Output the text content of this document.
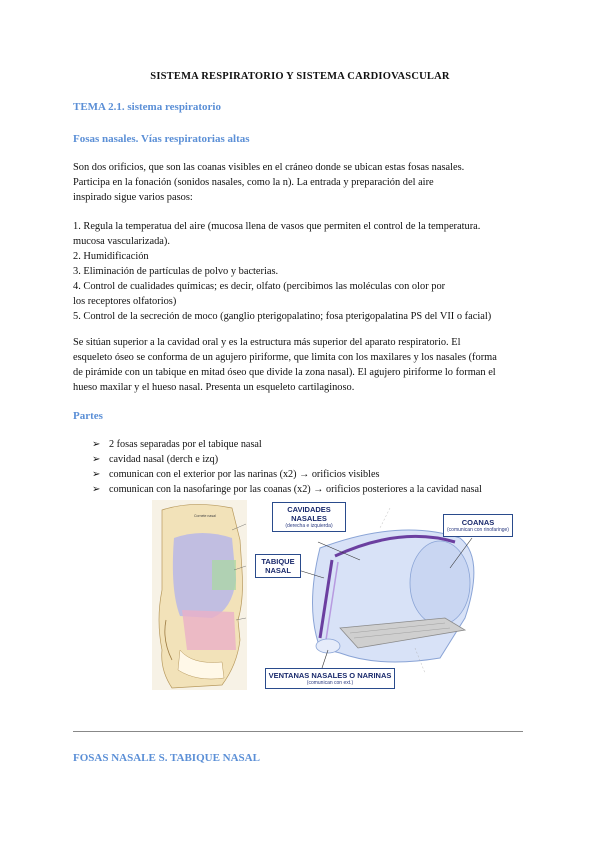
SISTEMA RESPIRATORIO Y SISTEMA CARDIOVASCULAR
TEMA 2.1. sistema respiratorio
Fosas nasales. Vías respiratorias altas
Son dos orificios, que son las coanas visibles en el cráneo donde se ubican estas fosas nasales.
Participa en la fonación (sonidos nasales, como la n). La entrada y preparación del aire
inspirado sigue varios pasos:
1. Regula la temperatua del aire (mucosa llena de vasos que permiten el control de la temperatura.
mucosa vascularizada).
2. Humidificación
3. Eliminación de partículas de polvo y bacterias.
4. Control de cualidades químicas; es decir, olfato (percibimos las moléculas con olor por
los receptores olfatorios)
5. Control de la secreción de moco (ganglio pterigopalatino; fosa pterigopalatina PS del VII o facial)
Se sitúan superior a la cavidad oral y es la estructura más superior del aparato respiratorio. El
esqueleto óseo se conforma de un agujero piriforme, que limita con los maxilares y los nasales (forma
de pirámide con un tabique en mitad óseo que divide la zona nasal). El agujero piriforme lo forman el
hueso maxilar y el hueso nasal. Presenta un esqueleto cartilaginoso.
Partes
➢ 2 fosas separadas por el tabique nasal
➢ cavidad nasal (derch e izq)
➢ comunican con el exterior por las narinas (x2) → orificios visibles
➢ comunican con la nasofaringe por las coanas (x2) → orificios posteriores a la cavidad nasal
Cornete nasal
CAVIDADES NASALES
(derecha e izquierda)	COANAS
(comunican con rinofaringe)
TABIQUE NASAL
VENTANAS NASALES O NARINAS
(comunican con ext.)
FOSAS NASALE S. TABIQUE NASAL
